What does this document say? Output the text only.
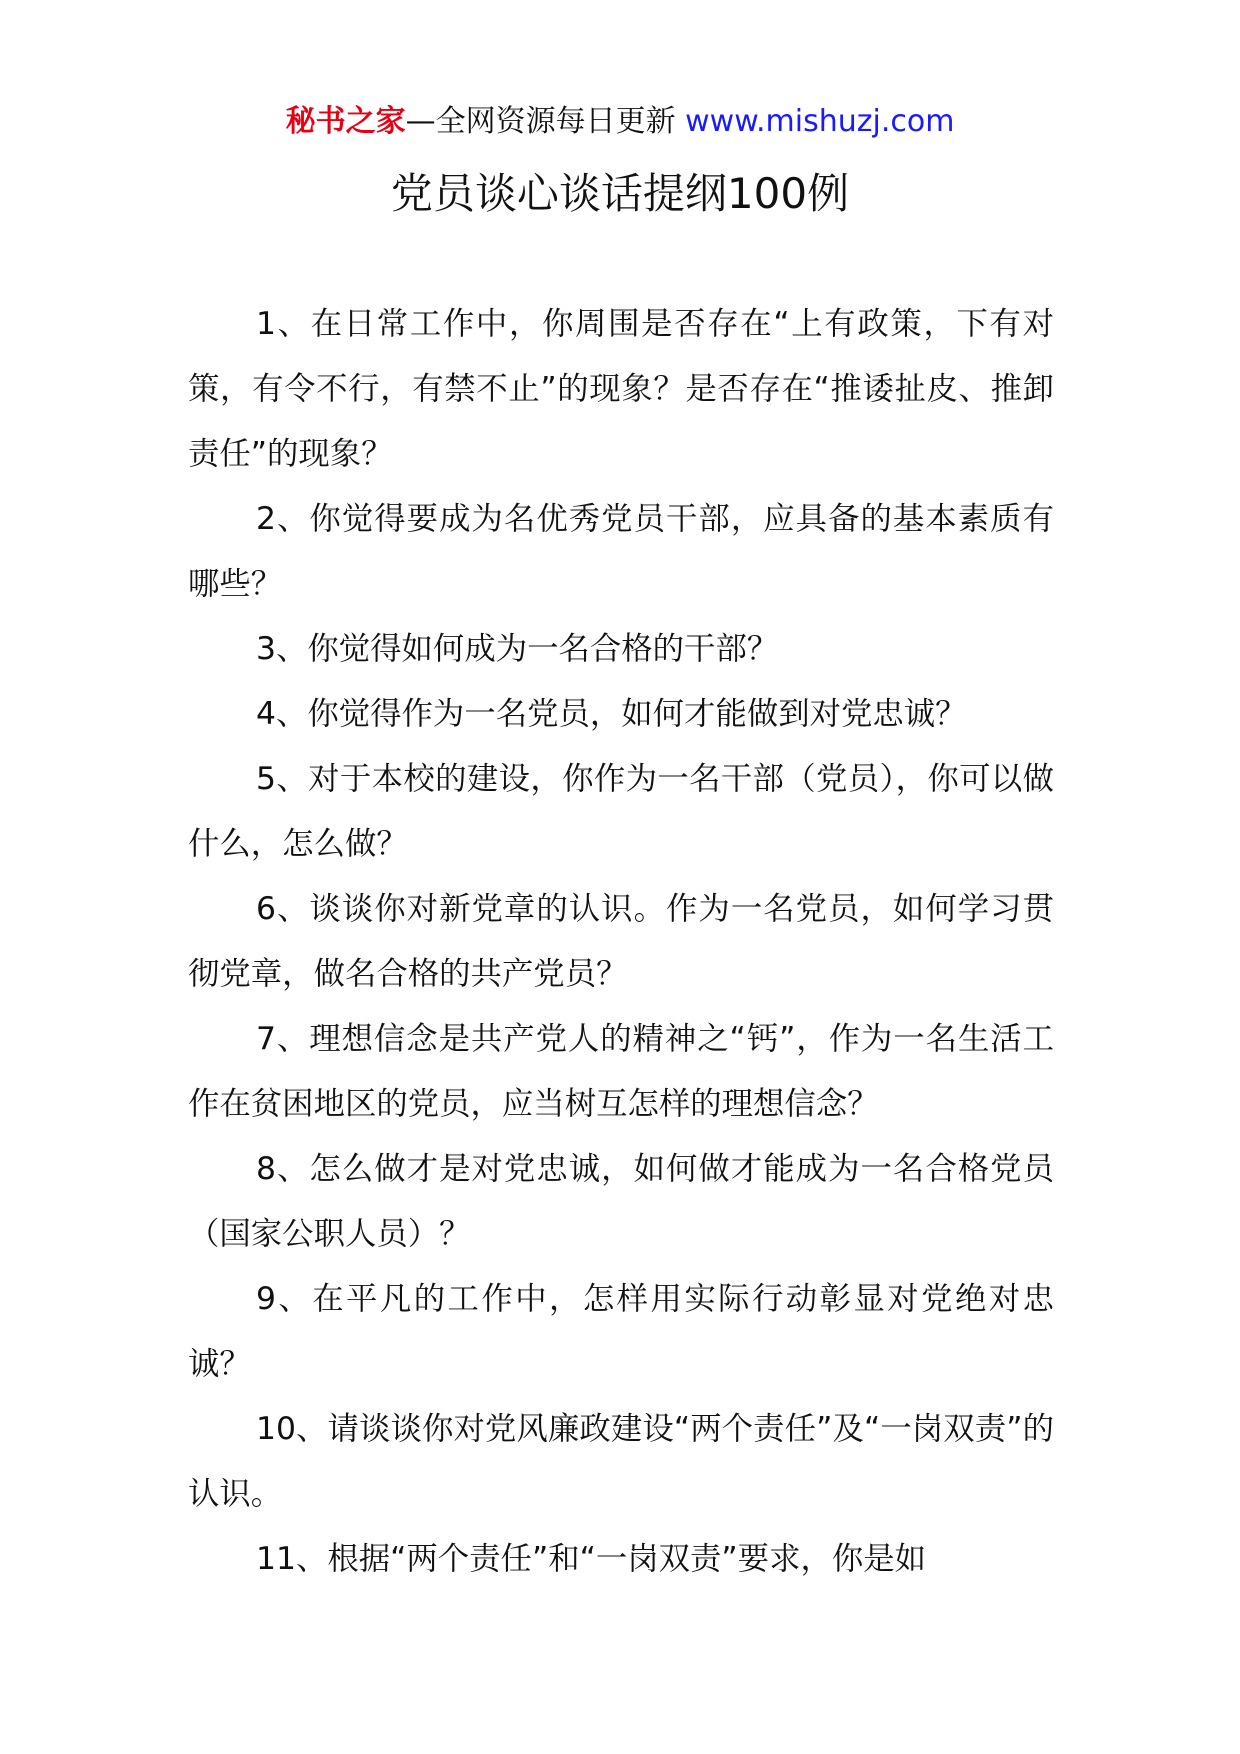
秘书之家—全网资源每日更新 www.mishuzj.com
党员谈心谈话提纲100例

1、在日常工作中，你周围是否存在“上有政策，下有对策，有令不行，有禁不止”的现象？是否存在“推诿扯皮、推卸责任”的现象？

2、你觉得要成为名优秀党员干部，应具备的基本素质有哪些？

3、你觉得如何成为一名合格的干部？

4、你觉得作为一名党员，如何才能做到对党忠诚？

5、对于本校的建设，你作为一名干部（党员），你可以做什么，怎么做？

6、谈谈你对新党章的认识。作为一名党员，如何学习贯彻党章，做名合格的共产党员？

7、理想信念是共产党人的精神之“钙”，作为一名生活工作在贫困地区的党员，应当树互怎样的理想信念？

8、怎么做才是对党忠诚，如何做才能成为一名合格党员（国家公职人员）？

9、在平凡的工作中，怎样用实际行动彰显对党绝对忠诚？

10、请谈谈你对党风廉政建设“两个责任”及“一岗双责”的认识。

11、根据“两个责任”和“一岗双责”要求，你是如
